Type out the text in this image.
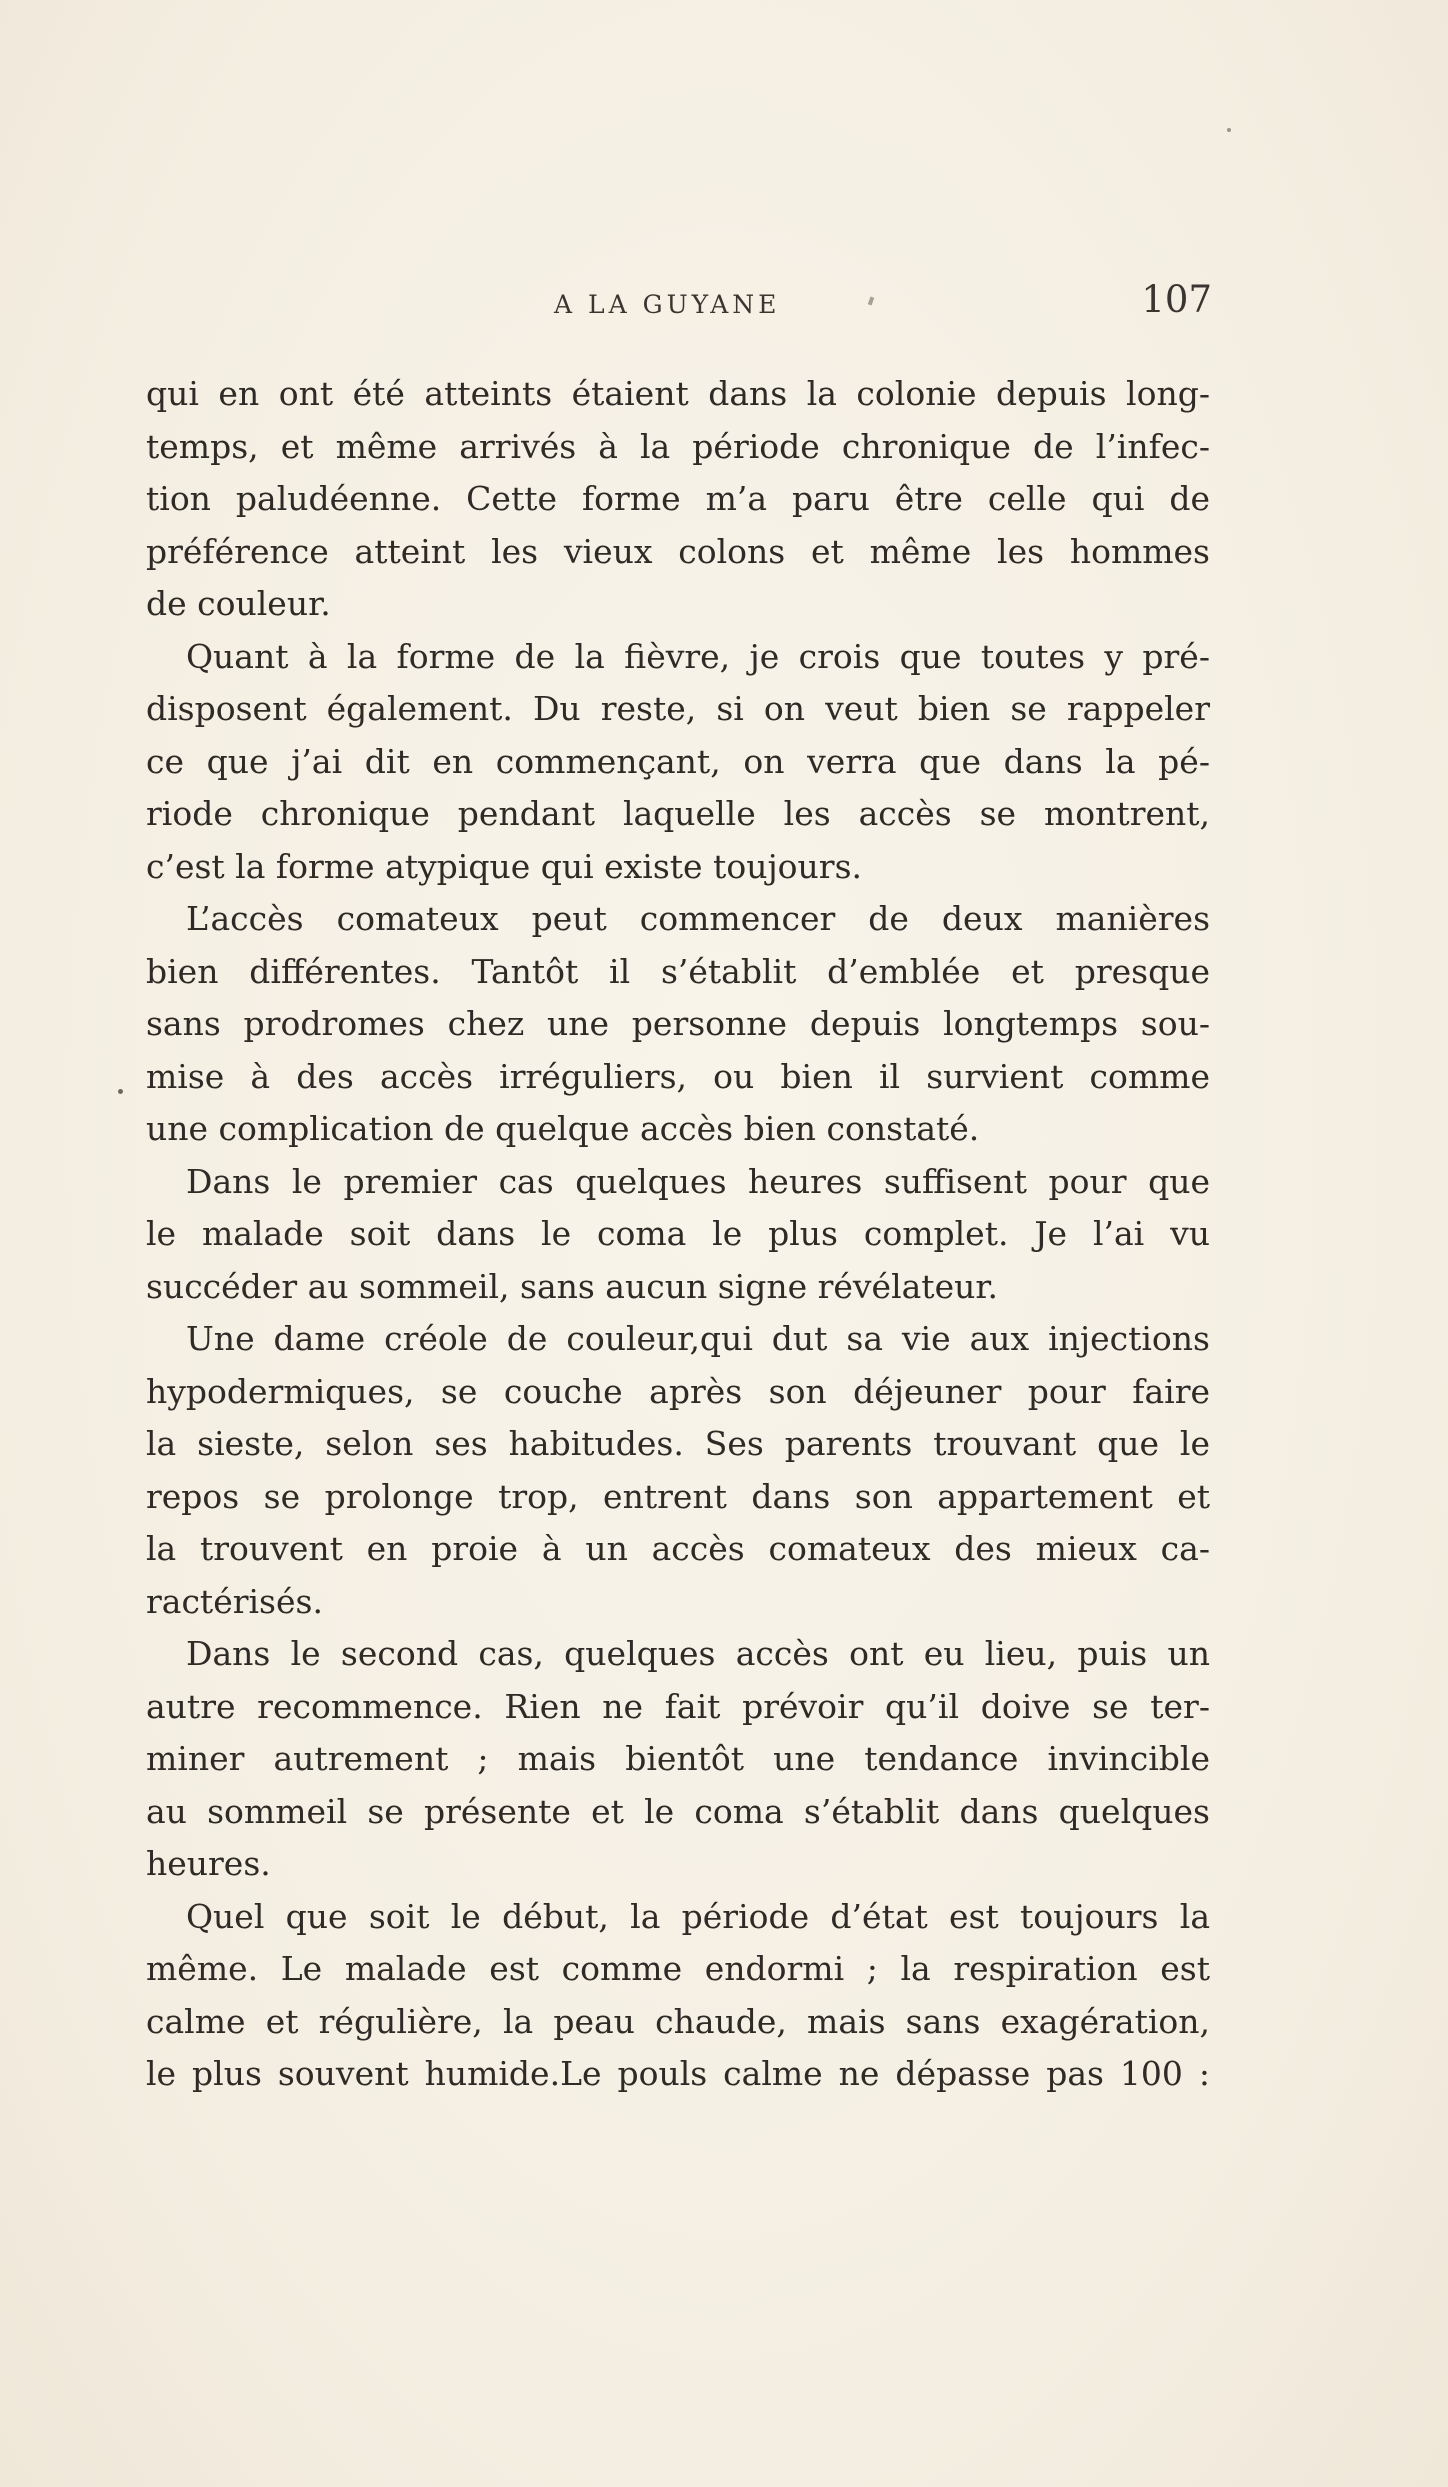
A LA GUYANE	107
qui en ont été atteints étaient dans la colonie depuis long-
temps, et même arrivés à la période chronique de l’infec-
tion paludéenne. Cette forme m’a paru être celle qui de
préférence atteint les vieux colons et même les hommes
de couleur.
Quant à la forme de la fièvre, je crois que toutes y pré-
disposent également. Du reste, si on veut bien se rappeler
ce que j’ai dit en commençant, on verra que dans la pé-
riode chronique pendant laquelle les accès se montrent,
c’est la forme atypique qui existe toujours.
L’accès comateux peut commencer de deux manières
bien différentes. Tantôt il s’établit d’emblée et presque
sans prodromes chez une personne depuis longtemps sou-
mise à des accès irréguliers, ou bien il survient comme
une complication de quelque accès bien constaté.
Dans le premier cas quelques heures suffisent pour que
le malade soit dans le coma le plus complet. Je l’ai vu
succéder au sommeil, sans aucun signe révélateur.
Une dame créole de couleur,qui dut sa vie aux injections
hypodermiques, se couche après son déjeuner pour faire
la sieste, selon ses habitudes. Ses parents trouvant que le
repos se prolonge trop, entrent dans son appartement et
la trouvent en proie à un accès comateux des mieux ca-
ractérisés.
Dans le second cas, quelques accès ont eu lieu, puis un
autre recommence. Rien ne fait prévoir qu’il doive se ter-
miner autrement ; mais bientôt une tendance invincible
au sommeil se présente et le coma s’établit dans quelques
heures.
Quel que soit le début, la période d’état est toujours la
même. Le malade est comme endormi ; la respiration est
calme et régulière, la peau chaude, mais sans exagération,
le plus souvent humide.Le pouls calme ne dépasse pas 100 :
